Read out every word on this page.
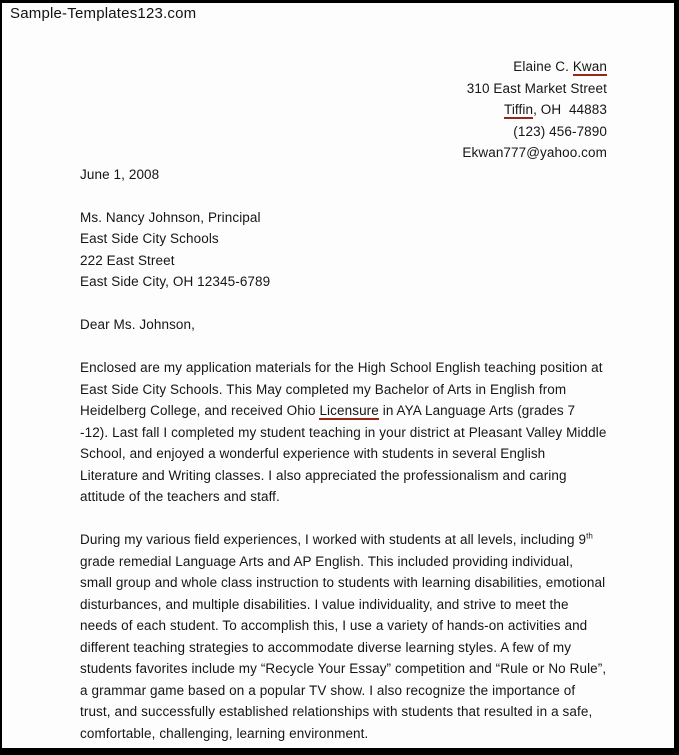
Sample-Templates123.com
Elaine C. Kwan
310 East Market Street
Tiffin, OH  44883
(123) 456-7890
Ekwan777@yahoo.com
June 1, 2008
Ms. Nancy Johnson, Principal
East Side City Schools
222 East Street
East Side City, OH 12345-6789
Dear Ms. Johnson,

Enclosed are my application materials for the High School English teaching position at East Side City Schools. This May completed my Bachelor of Arts in English from Heidelberg College, and received Ohio Licensure in AYA Language Arts (grades 7 -12). Last fall I completed my student teaching in your district at Pleasant Valley Middle School, and enjoyed a wonderful experience with students in several English Literature and Writing classes. I also appreciated the professionalism and caring attitude of the teachers and staff.

During my various field experiences, I worked with students at all levels, including 9th grade remedial Language Arts and AP English. This included providing individual, small group and whole class instruction to students with learning disabilities, emotional disturbances, and multiple disabilities. I value individuality, and strive to meet the needs of each student. To accomplish this, I use a variety of hands-on activities and different teaching strategies to accommodate diverse learning styles. A few of my students favorites include my “Recycle Your Essay” competition and “Rule or No Rule”, a grammar game based on a popular TV show. I also recognize the importance of trust, and successfully established relationships with students that resulted in a safe, comfortable, challenging, learning environment.
